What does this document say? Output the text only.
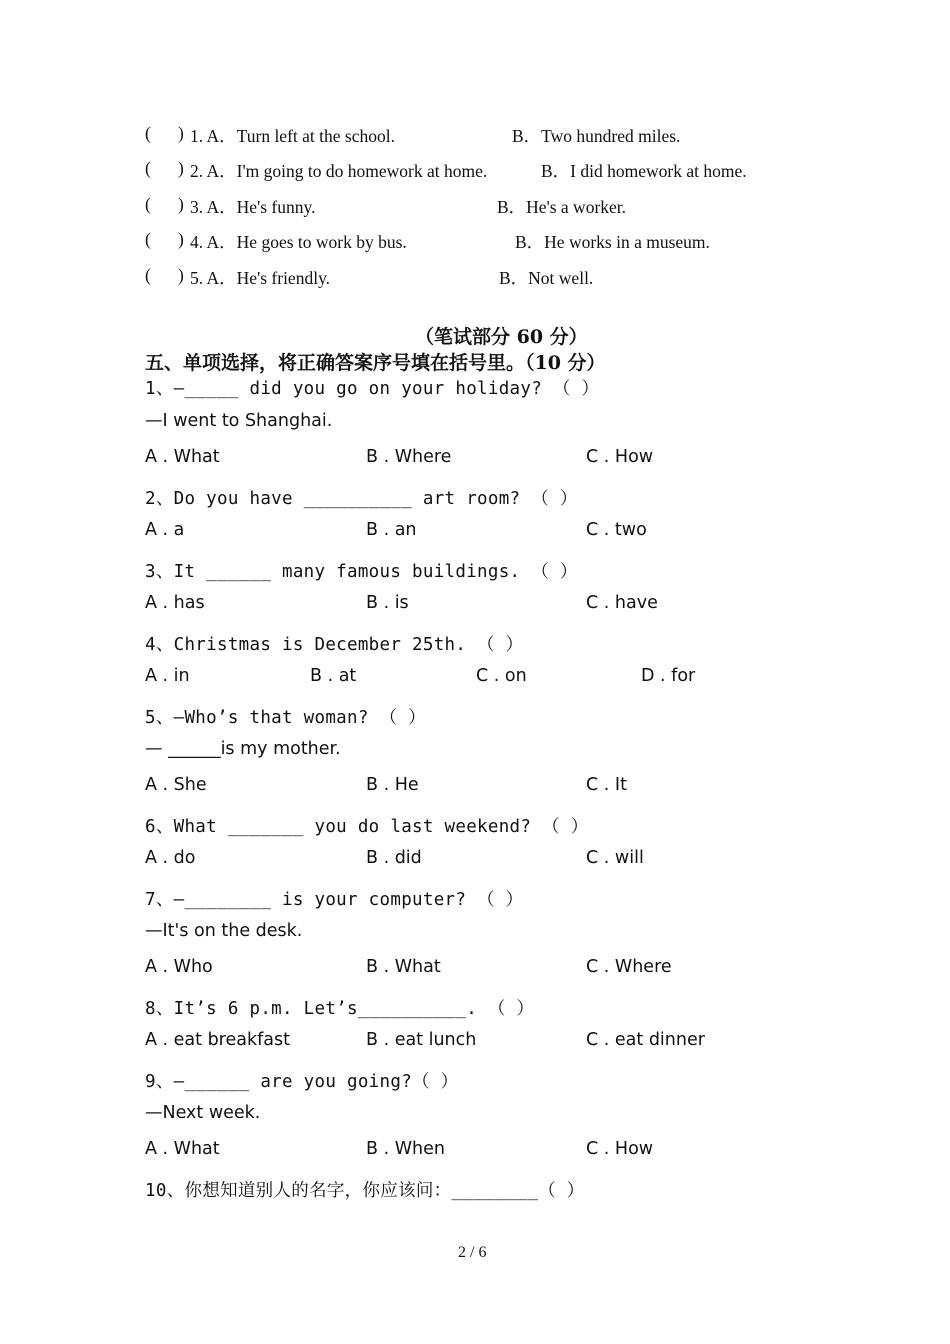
( ) 1. A．Turn left at the school.	B．Two hundred miles.
( ) 2. A．I'm going to do homework at home.	B．I did homework at home.
( ) 3. A．He's funny.	B．He's a worker.
( ) 4. A．He goes to work by bus.	B．He works in a museum.
( ) 5. A．He's friendly.	B．Not well.
（笔试部分 60 分）
五、单项选择，将正确答案序号填在括号里。（10 分）
1、—_____ did you go on your holiday? （ ）
—I went to Shanghai.
A . What	B . Where	C . How
2、Do you have __________ art room? （ ）
A . a	B . an	C . two
3、It ______ many famous buildings. （ ）
A . has	B . is	C . have
4、Christmas is December 25th. （ ）
A . in	B . at	C . on	D . for
5、—Who’s that woman? （ ）
— ______is my mother.
A . She	B . He	C . It
6、What _______ you do last weekend? （ ）
A . do	B . did	C . will
7、—________ is your computer? （ ）
—It's on the desk.
A . Who	B . What	C . Where
8、It’s 6 p.m. Let’s__________. （ ）
A . eat breakfast	B . eat lunch	C . eat dinner
9、—______ are you going?（ ）
—Next week.
A . What	B . When	C . How
10、你想知道别人的名字，你应该问：________（ ）
2 / 6
